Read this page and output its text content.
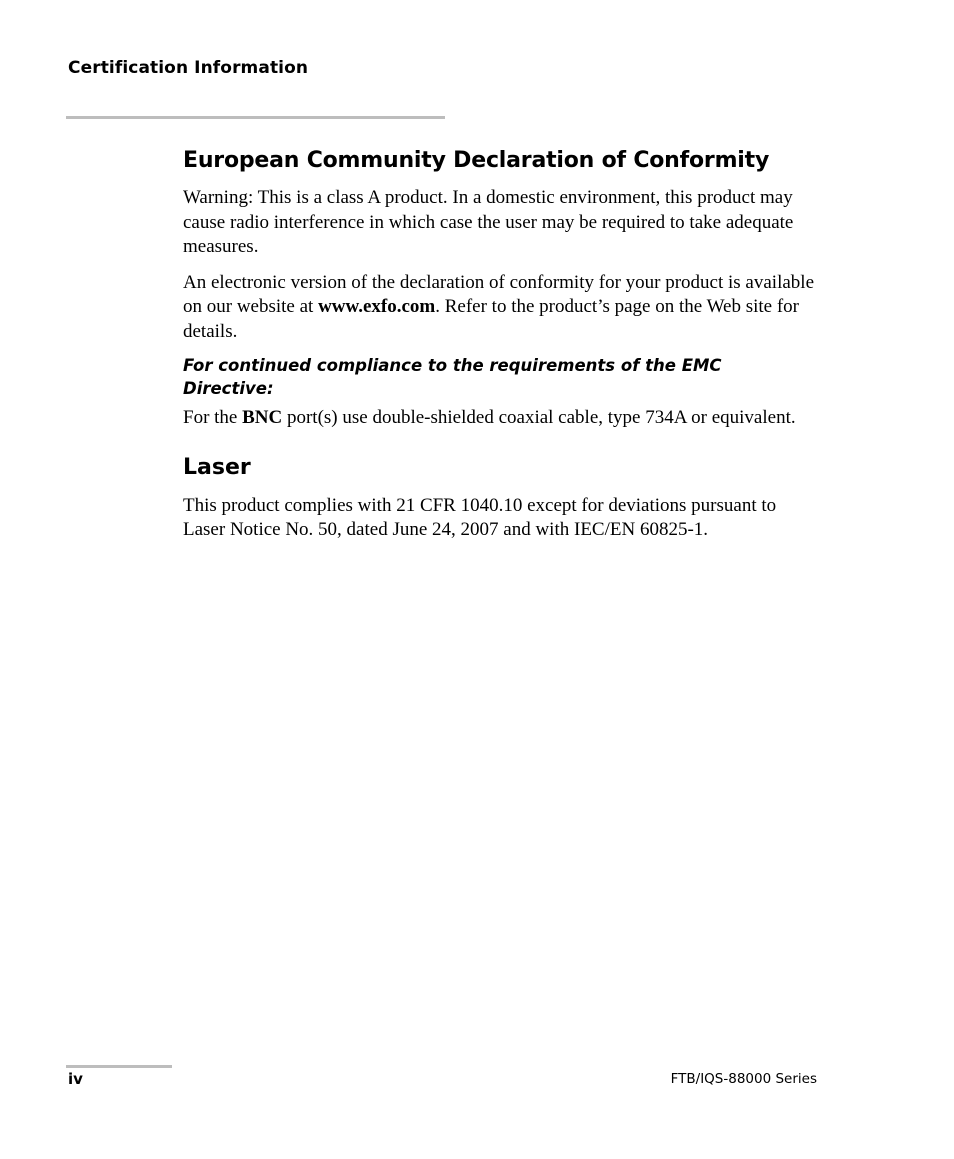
Certification Information
European Community Declaration of Conformity

Warning: This is a class A product. In a domestic environment, this product may cause radio interference in which case the user may be required to take adequate measures.

An electronic version of the declaration of conformity for your product is available on our website at www.exfo.com. Refer to the product’s page on the Web site for details.

For continued compliance to the requirements of the EMC Directive:

For the BNC port(s) use double-shielded coaxial cable, type 734A or equivalent.

Laser

This product complies with 21 CFR 1040.10 except for deviations pursuant to Laser Notice No. 50, dated June 24, 2007 and with IEC/EN 60825-1.

iv	FTB/IQS-88000 Series
